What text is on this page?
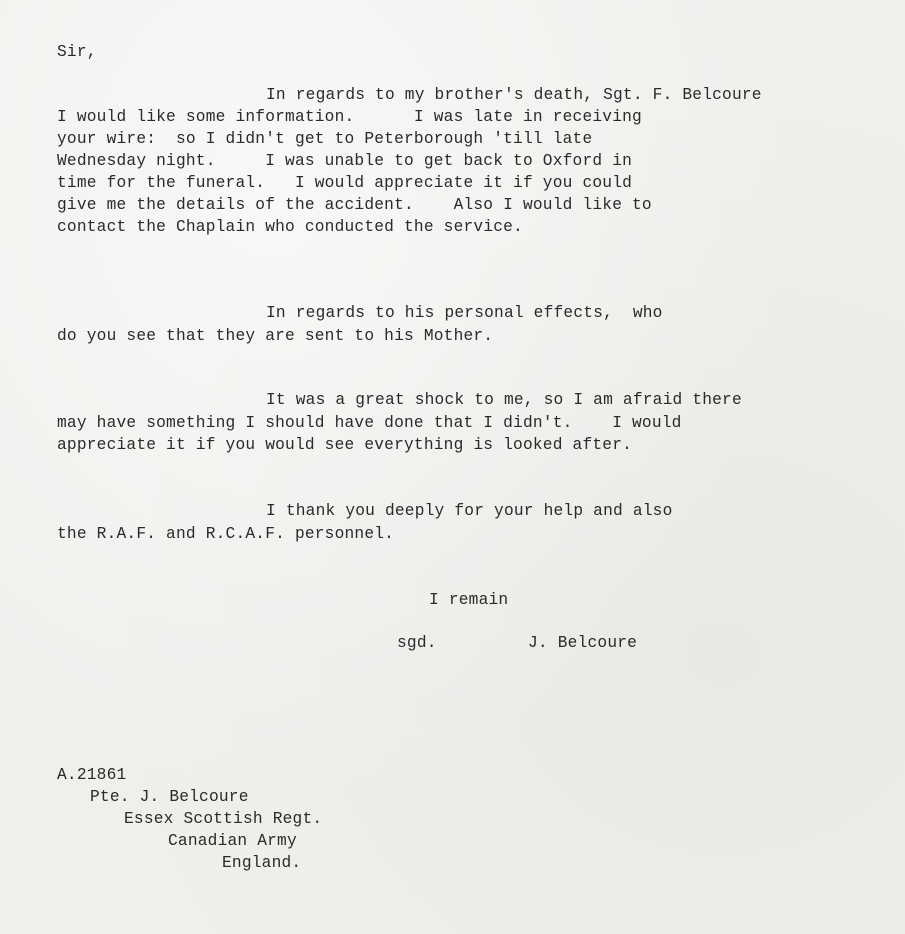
Sir,
In regards to my brother's death, Sgt. F. Belcoure
I would like some information.      I was late in receiving
your wire:  so I didn't get to Peterborough 'till late
Wednesday night.     I was unable to get back to Oxford in
time for the funeral.   I would appreciate it if you could
give me the details of the accident.    Also I would like to
contact the Chaplain who conducted the service.
In regards to his personal effects,  who
do you see that they are sent to his Mother.
It was a great shock to me, so I am afraid there
may have something I should have done that I didn't.    I would
appreciate it if you would see everything is looked after.
I thank you deeply for your help and also
the R.A.F. and R.C.A.F. personnel.
I remain
sgd.	J. Belcoure
A.21861
Pte. J. Belcoure
Essex Scottish Regt.
Canadian Army
England.
